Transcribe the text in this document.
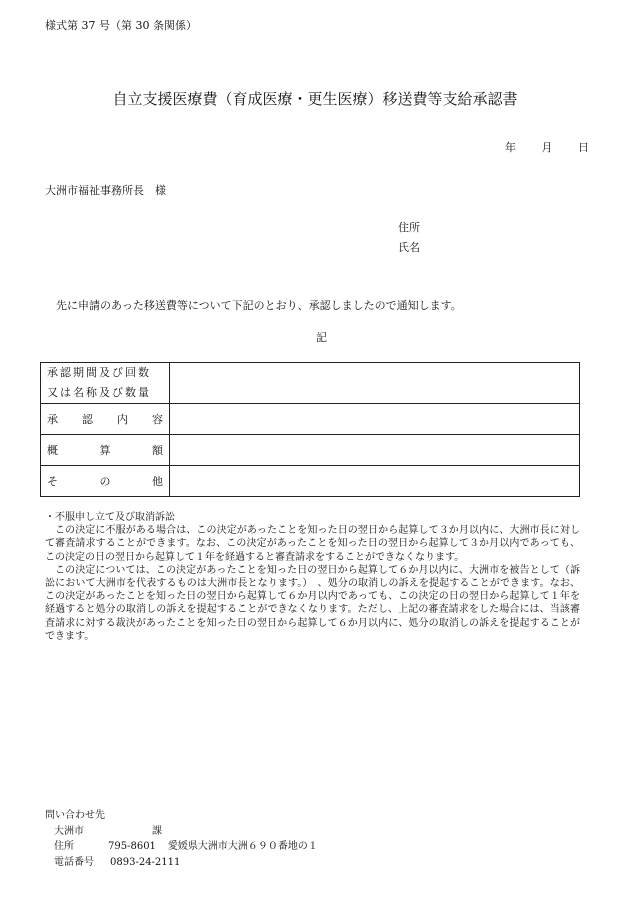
様式第 37 号（第 30 条関係）
自立支援医療費（育成医療・更生医療）移送費等支給承認書
年 月 日
大洲市福祉事務所長　様
住所
氏名
先に申請のあった移送費等について下記のとおり、承認しましたので通知します。
記
承認期間及び回数
又は名称及び数量	

承 認 内 容	

概 算 額	

そ の 他	

・不服申し立て及び取消訴訟

この決定に不服がある場合は、この決定があったことを知った日の翌日から起算して３か月以内に、大洲市長に対して審査請求することができます。なお、この決定があったことを知った日の翌日から起算して３か月以内であっても、この決定の日の翌日から起算して１年を経過すると審査請求をすることができなくなります。

この決定については、この決定があったことを知った日の翌日から起算して６か月以内に、大洲市を被告として（訴訟において大洲市を代表するものは大洲市長となります。）　、処分の取消しの訴えを提起することができます。なお、この決定があったことを知った日の翌日から起算して６か月以内であっても、この決定の日の翌日から起算して１年を経過すると処分の取消しの訴えを提起することができなくなります。ただし、上記の審査請求をした場合には、当該審査請求に対する裁決があったことを知った日の翌日から起算して６か月以内に、処分の取消しの訴えを提起することができます。

問い合わせ先
大洲市	課
住所	795-8601 愛媛県大洲市大洲６９０番地の１
電話番号 0893-24-2111
